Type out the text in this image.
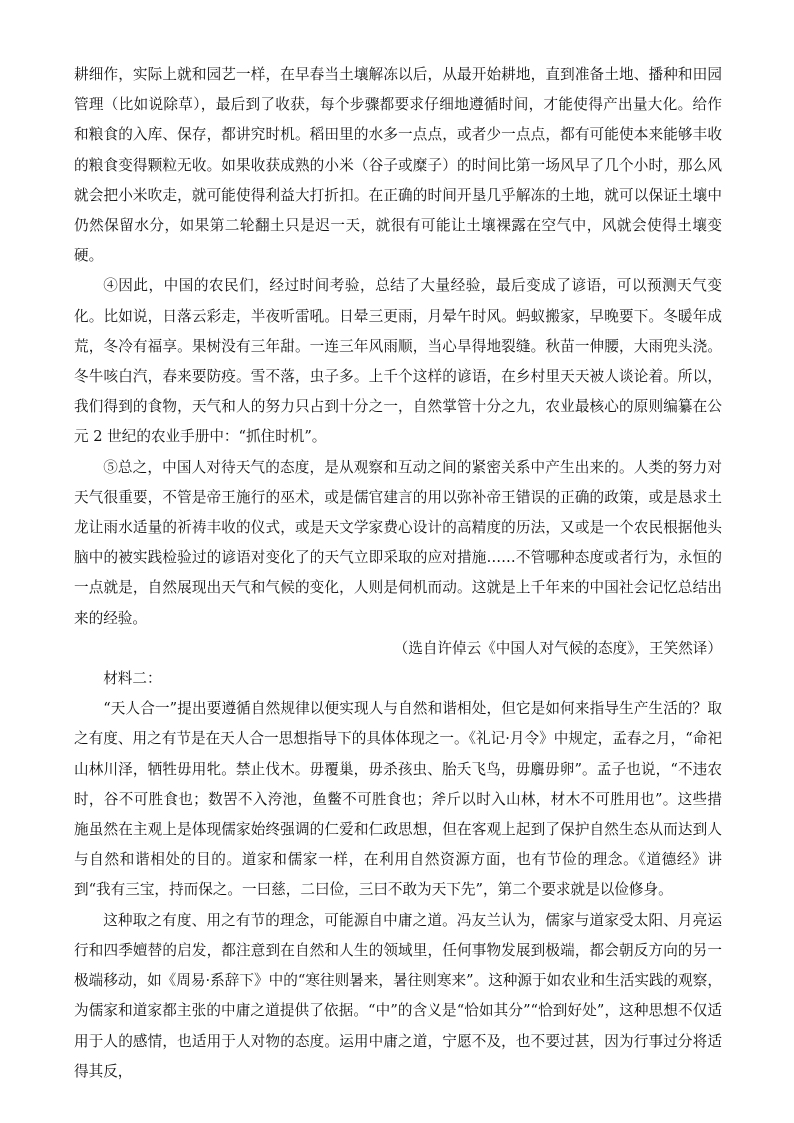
耕细作，实际上就和园艺一样，在早春当土壤解冻以后，从最开始耕地，直到准备土地、播种和田园管理（比如说除草），最后到了收获，每个步骤都要求仔细地遵循时间，才能使得产出量大化。给作和粮食的入库、保存，都讲究时机。稻田里的水多一点点，或者少一点点，都有可能使本来能够丰收的粮食变得颗粒无收。如果收获成熟的小米（谷子或糜子）的时间比第一场风早了几个小时，那么风就会把小米吹走，就可能使得利益大打折扣。在正确的时间开垦几乎解冻的土地，就可以保证土壤中仍然保留水分，如果第二轮翻土只是迟一天，就很有可能让土壤裸露在空气中，风就会使得土壤变硬。

④因此，中国的农民们，经过时间考验，总结了大量经验，最后变成了谚语，可以预测天气变化。比如说，日落云彩走，半夜听雷吼。日晕三更雨，月晕午时风。蚂蚁搬家，早晚要下。冬暖年成荒，冬冷有福享。果树没有三年甜。一连三年风雨顺，当心旱得地裂缝。秋苗一伸腰，大雨兜头浇。冬牛咳白汽，春来要防疫。雪不落，虫子多。上千个这样的谚语，在乡村里天天被人谈论着。所以，我们得到的食物，天气和人的努力只占到十分之一，自然掌管十分之九，农业最核心的原则编纂在公元 2 世纪的农业手册中：“抓住时机”。

⑤总之，中国人对待天气的态度，是从观察和互动之间的紧密关系中产生出来的。人类的努力对天气很重要，不管是帝王施行的巫术，或是儒官建言的用以弥补帝王错误的正确的政策，或是恳求土龙让雨水适量的祈祷丰收的仪式，或是天文学家费心设计的高精度的历法，又或是一个农民根据他头脑中的被实践检验过的谚语对变化了的天气立即采取的应对措施……不管哪种态度或者行为，永恒的一点就是，自然展现出天气和气候的变化，人则是伺机而动。这就是上千年来的中国社会记忆总结出来的经验。

（选自许倬云《中国人对气候的态度》，王笑然译）

材料二：

“天人合一”提出要遵循自然规律以便实现人与自然和谐相处，但它是如何来指导生产生活的？取之有度、用之有节是在天人合一思想指导下的具体体现之一。《礼记·月令》中规定，孟春之月，“命祀山林川泽，牺牲毋用牝。禁止伐木。毋覆巢，毋杀孩虫、胎夭飞鸟，毋麛毋卵”。孟子也说，“不违农时，谷不可胜食也；数罟不入洿池，鱼鳖不可胜食也；斧斤以时入山林，材木不可胜用也”。这些措施虽然在主观上是体现儒家始终强调的仁爱和仁政思想，但在客观上起到了保护自然生态从而达到人与自然和谐相处的目的。道家和儒家一样，在利用自然资源方面，也有节俭的理念。《道德经》讲到“我有三宝，持而保之。一曰慈，二曰俭，三曰不敢为天下先”，第二个要求就是以俭修身。

这种取之有度、用之有节的理念，可能源自中庸之道。冯友兰认为，儒家与道家受太阳、月亮运行和四季嬗替的启发，都注意到在自然和人生的领域里，任何事物发展到极端，都会朝反方向的另一极端移动，如《周易·系辞下》中的“寒往则暑来，暑往则寒来”。这种源于如农业和生活实践的观察，为儒家和道家都主张的中庸之道提供了依据。“中”的含义是“恰如其分”“恰到好处”，这种思想不仅适用于人的感情，也适用于人对物的态度。运用中庸之道，宁愿不及，也不要过甚，因为行事过分将适得其反，
